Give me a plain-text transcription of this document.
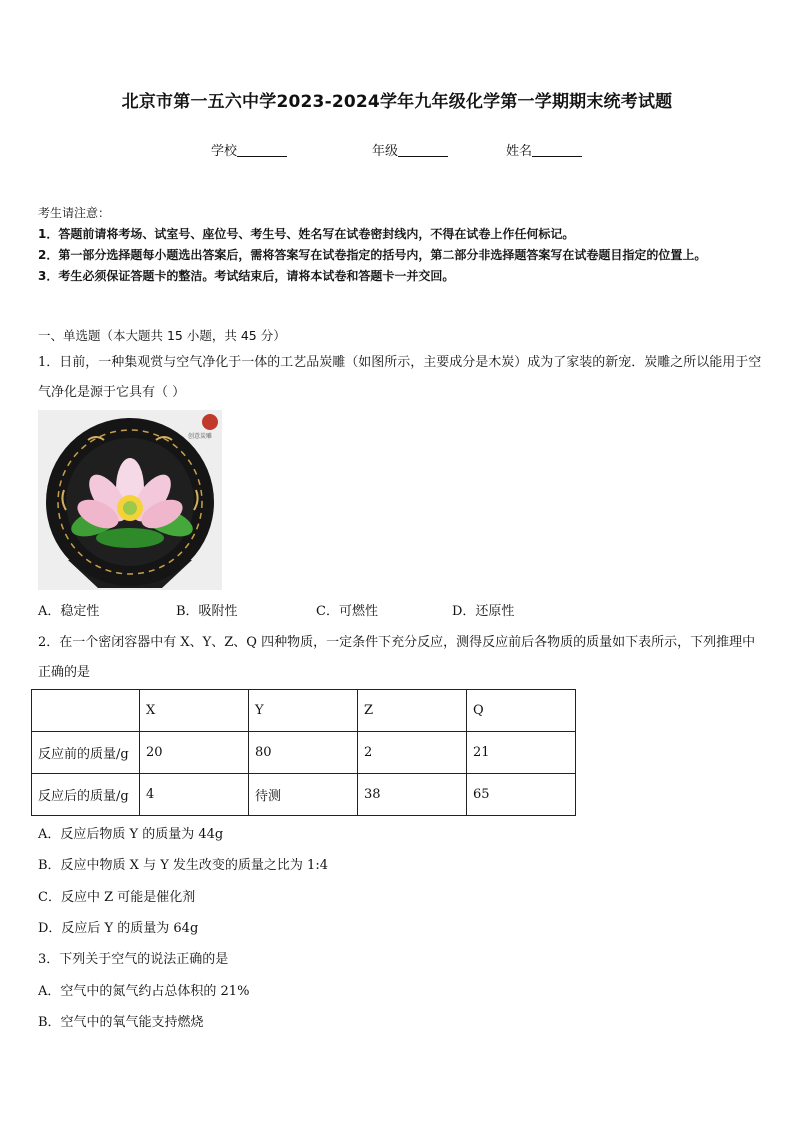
北京市第一五六中学2023-2024学年九年级化学第一学期期末统考试题
学校	年级	姓名

考生请注意：

1．答题前请将考场、试室号、座位号、考生号、姓名写在试卷密封线内，不得在试卷上作任何标记。

2．第一部分选择题每小题选出答案后，需将答案写在试卷指定的括号内，第二部分非选择题答案写在试卷题目指定的位置上。

3．考生必须保证答题卡的整洁。考试结束后，请将本试卷和答题卡一并交回。

一、单选题（本大题共 15 小题，共 45 分）
1．日前，一种集观赏与空气净化于一体的工艺品炭雕（如图所示，主要成分是木炭）成为了家装的新宠．炭雕之所以能用于空气净化是源于它具有（ ）
创意炭雕
A．稳定性	B．吸附性	C．可燃性	D．还原性
2．在一个密闭容器中有 X、Y、Z、Q 四种物质，一定条件下充分反应，测得反应前后各物质的质量如下表所示，下列推理中正确的是
	X	Y	Z	Q
反应前的质量/g	20	80	2	21
反应后的质量/g	4	待测	38	65
A．反应后物质 Y 的质量为 44g
B．反应中物质 X 与 Y 发生改变的质量之比为 1:4
C．反应中 Z 可能是催化剂
D．反应后 Y 的质量为 64g
3．下列关于空气的说法正确的是
A．空气中的氮气约占总体积的 21%
B．空气中的氧气能支持燃烧
